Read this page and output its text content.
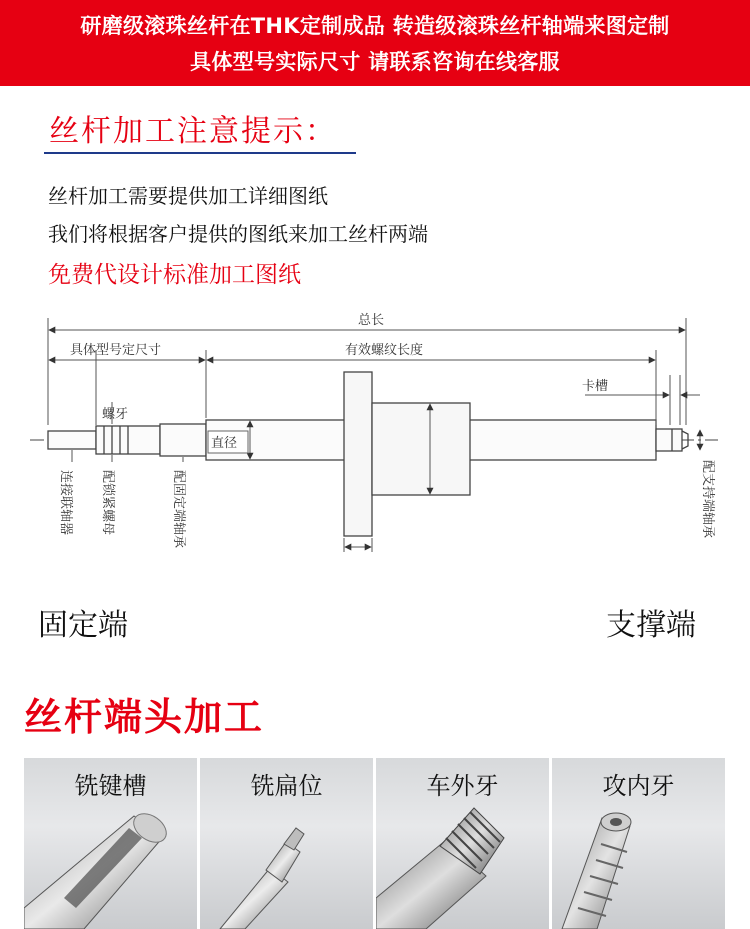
研磨级滚珠丝杆在THK定制成品 转造级滚珠丝杆轴端来图定制
具体型号实际尺寸 请联系咨询在线客服
丝杆加工注意提示：
丝杆加工需要提供加工详细图纸
我们将根据客户提供的图纸来加工丝杆两端
免费代设计标准加工图纸
总长
具体型号定尺寸	有效螺纹长度
卡槽
螺牙
直径
连接联轴器 配锁紧螺母	配固定端轴承	配支持端轴承
固定端	支撑端
丝杆端头加工
铣键槽	铣扁位	车外牙	攻内牙
